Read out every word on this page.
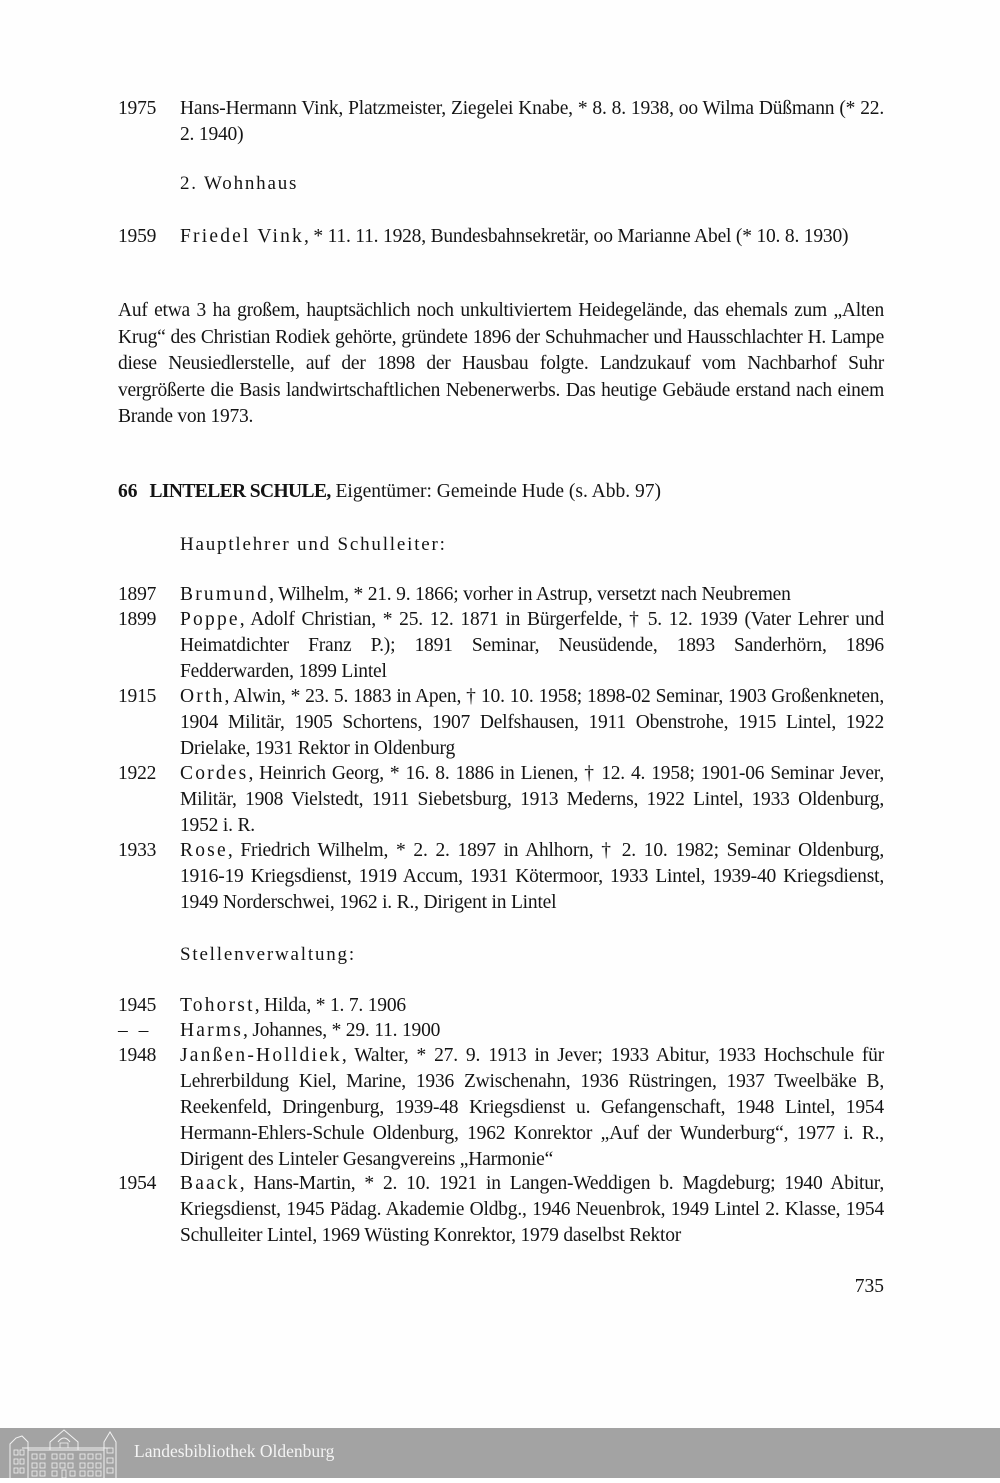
1975	Hans-Hermann Vink, Platzmeister, Ziegelei Knabe, * 8. 8. 1938, oo Wilma Düßmann (* 22. 2. 1940)
2. Wohnhaus
1959	Friedel Vink, * 11. 11. 1928, Bundesbahnsekretär, oo Marianne Abel (* 10. 8. 1930)
Auf etwa 3 ha großem, hauptsächlich noch unkultiviertem Heidegelände, das ehemals zum „Alten Krug“ des Christian Rodiek gehörte, gründete 1896 der Schuhmacher und Hausschlachter H. Lampe diese Neusiedlerstelle, auf der 1898 der Hausbau folgte. Landzukauf vom Nachbarhof Suhr vergrößerte die Basis landwirtschaftlichen Nebenerwerbs. Das heutige Gebäude erstand nach einem Brande von 1973.
66 LINTELER SCHULE, Eigentümer: Gemeinde Hude (s. Abb. 97)
Hauptlehrer und Schulleiter:
1897	Brumund, Wilhelm, * 21. 9. 1866; vorher in Astrup, versetzt nach Neubremen
1899	Poppe, Adolf Christian, * 25. 12. 1871 in Bürgerfelde, † 5. 12. 1939 (Vater Lehrer und Heimatdichter Franz P.); 1891 Seminar, Neusüdende, 1893 Sanderhörn, 1896 Fedderwarden, 1899 Lintel
1915	Orth, Alwin, * 23. 5. 1883 in Apen, † 10. 10. 1958; 1898-02 Seminar, 1903 Großenkneten, 1904 Militär, 1905 Schortens, 1907 Delfshausen, 1911 Obenstrohe, 1915 Lintel, 1922 Drielake, 1931 Rektor in Oldenburg
1922	Cordes, Heinrich Georg, * 16. 8. 1886 in Lienen, † 12. 4. 1958; 1901-06 Seminar Jever, Militär, 1908 Vielstedt, 1911 Siebetsburg, 1913 Mederns, 1922 Lintel, 1933 Oldenburg, 1952 i. R.
1933	Rose, Friedrich Wilhelm, * 2. 2. 1897 in Ahlhorn, † 2. 10. 1982; Seminar Oldenburg, 1916-19 Kriegsdienst, 1919 Accum, 1931 Kötermoor, 1933 Lintel, 1939-40 Kriegsdienst, 1949 Norderschwei, 1962 i. R., Dirigent in Lintel
Stellenverwaltung:
1945	Tohorst, Hilda, * 1. 7. 1906
– –	Harms, Johannes, * 29. 11. 1900
1948	Janßen-Holldiek, Walter, * 27. 9. 1913 in Jever; 1933 Abitur, 1933 Hochschule für Lehrerbildung Kiel, Marine, 1936 Zwischenahn, 1936 Rüstringen, 1937 Tweelbäke B, Reekenfeld, Dringenburg, 1939-48 Kriegsdienst u. Gefangenschaft, 1948 Lintel, 1954 Hermann-Ehlers-Schule Oldenburg, 1962 Konrektor „Auf der Wunderburg“, 1977 i. R., Dirigent des Linteler Gesangvereins „Harmonie“
1954	Baack, Hans-Martin, * 2. 10. 1921 in Langen-Weddigen b. Magdeburg; 1940 Abitur, Kriegsdienst, 1945 Pädag. Akademie Oldbg., 1946 Neuenbrok, 1949 Lintel 2. Klasse, 1954 Schulleiter Lintel, 1969 Wüsting Konrektor, 1979 daselbst Rektor
735
Landesbibliothek Oldenburg
